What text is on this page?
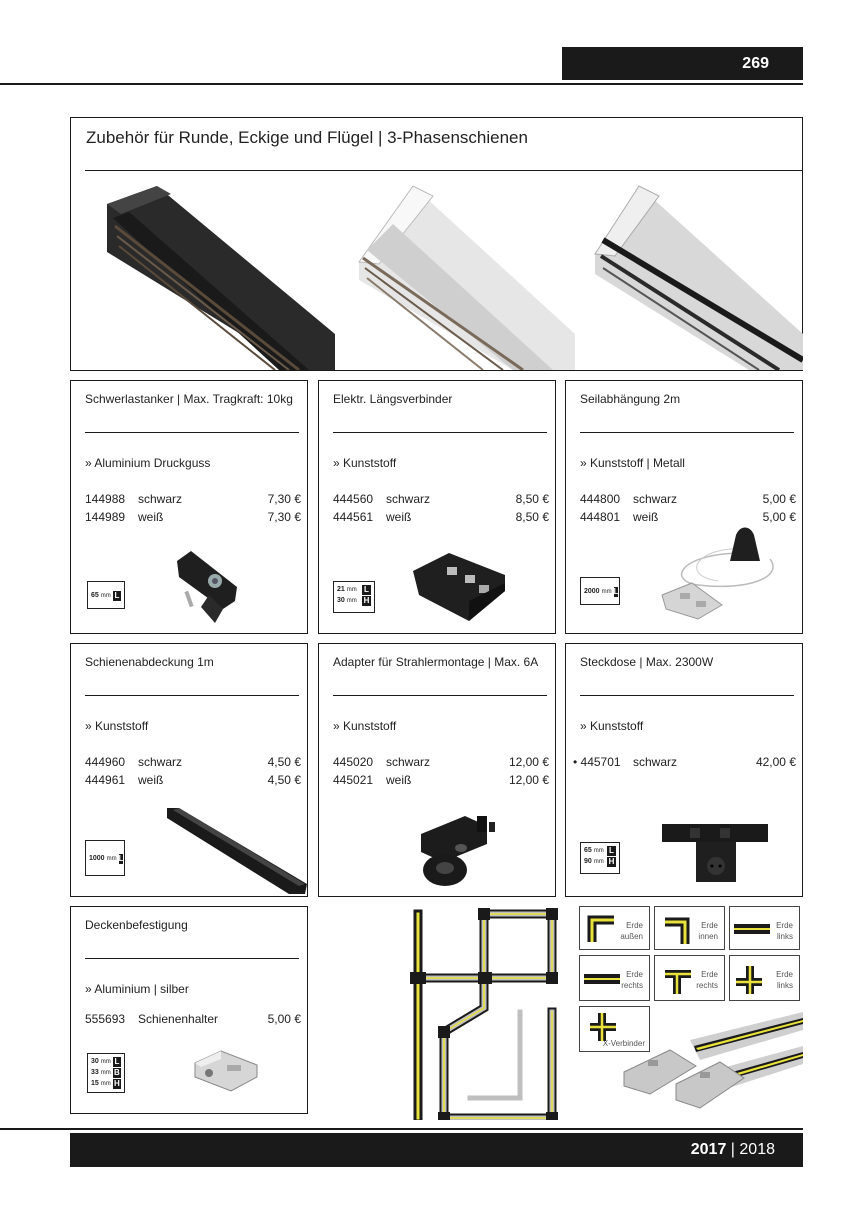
269
Zubehör für Runde, Eckige und Flügel | 3-Phasenschienen
Schwerlastanker | Max. Tragkraft: 10kg
» Aluminium Druckguss
144988 schwarz	7,30 €
144989 weiß	7,30 €
65 mm L
Elektr. Längsverbinder
» Kunststoff
444560 schwarz	8,50 €
444561 weiß	8,50 €
21 mm L
30 mm H
Seilabhängung 2m
» Kunststoff | Metall
444800 schwarz	5,00 €
444801 weiß	5,00 €
2000 mm L
Schienenabdeckung 1m
» Kunststoff
444960 schwarz	4,50 €
444961 weiß	4,50 €
1000 mm L
Adapter für Strahlermontage | Max. 6A
» Kunststoff
445020 schwarz	12,00 €
445021 weiß	12,00 €
Steckdose | Max. 2300W
» Kunststoff
• 445701 schwarz	42,00 €
65 mm L
90 mm H
Deckenbefestigung
» Aluminium | silber
555693 Schienenhalter	5,00 €
30 mm L
33 mm B
15 mm H
Erde
außen
Erde
innen
Erde
links
Erde
rechts
Erde
rechts
Erde
links
X-Verbinder
2017 | 2018
